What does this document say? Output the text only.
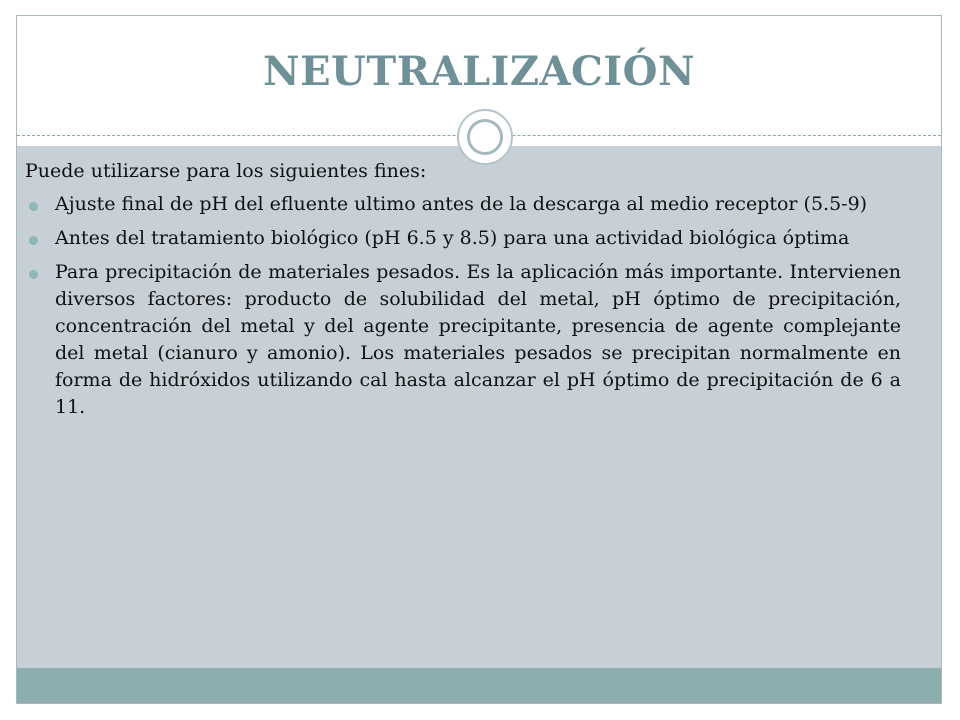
NEUTRALIZACIÓN

Puede utilizarse para los siguientes fines:

Ajuste final de pH del efluente ultimo antes de la descarga al medio receptor (5.5-9)
Antes del tratamiento biológico (pH 6.5 y 8.5) para una actividad biológica óptima
Para precipitación de materiales pesados. Es la aplicación más importante. Intervienen diversos factores: producto de solubilidad del metal, pH óptimo de precipitación, concentración del metal y del agente precipitante, presencia de agente complejante del metal (cianuro y amonio). Los materiales pesados se precipitan normalmente en forma de hidróxidos utilizando cal hasta alcanzar el pH óptimo de precipitación de 6 a 11.
